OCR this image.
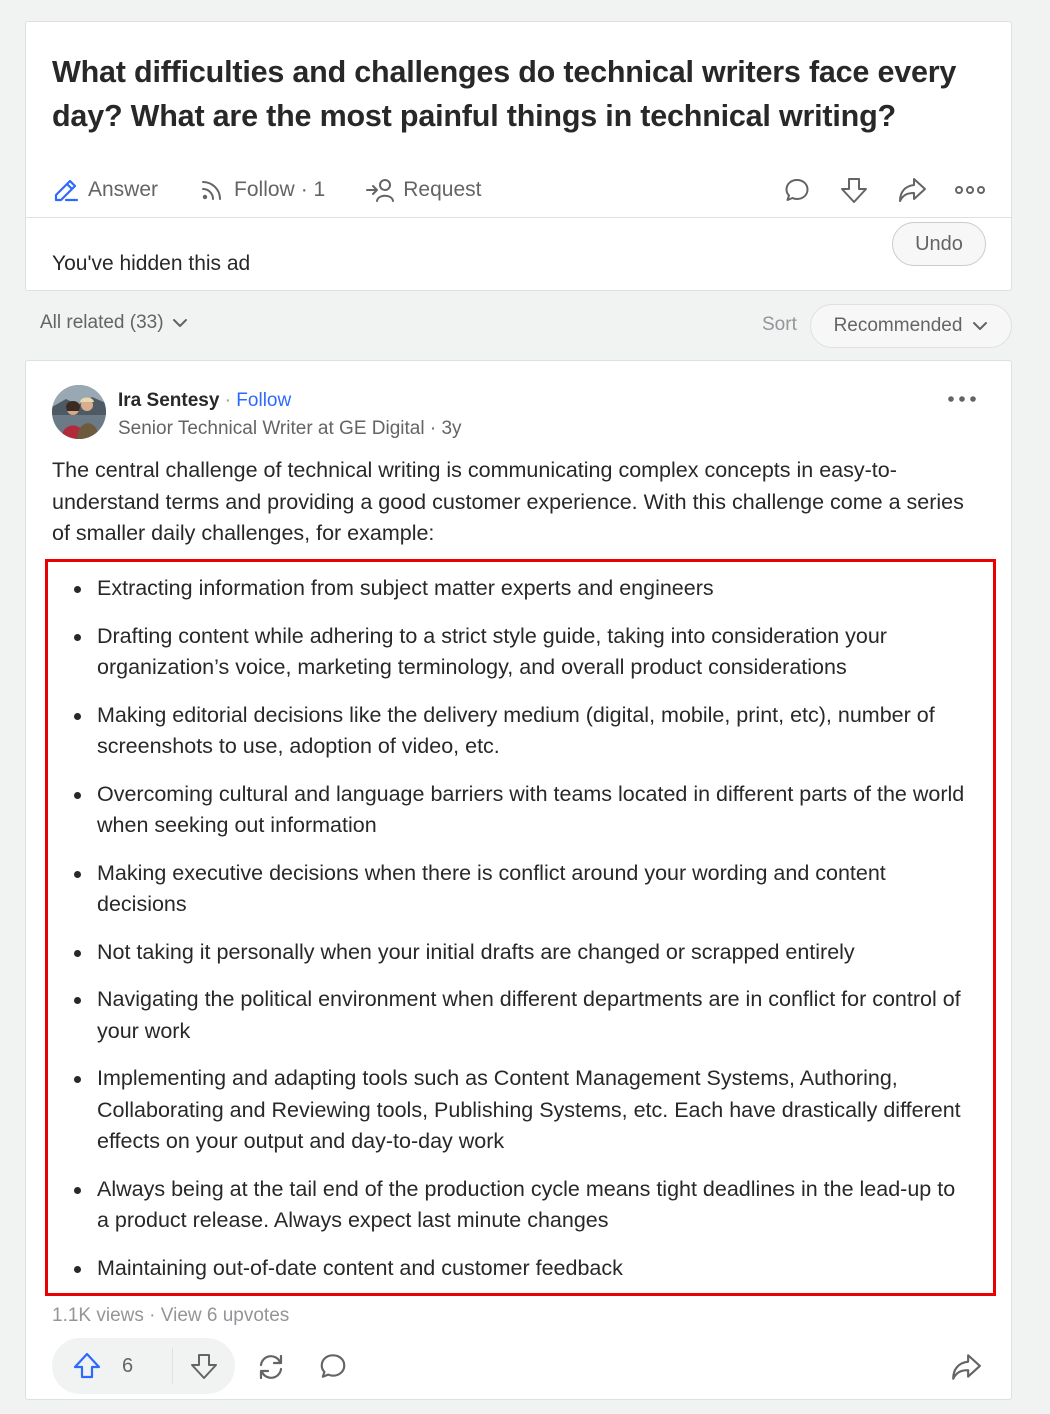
What difficulties and challenges do technical writers face every day? What are the most painful things in technical writing?
Answer	Follow · 1	Request
You've hidden this ad
Undo
All related (33)	Sort Recommended
Ira Sentesy · Follow
Senior Technical Writer at GE Digital · 3y
The central challenge of technical writing is communicating complex concepts in easy-to-understand terms and providing a good customer experience. With this challenge come a series of smaller daily challenges, for example:
Extracting information from subject matter experts and engineers
Drafting content while adhering to a strict style guide, taking into consideration your organization’s voice, marketing terminology, and overall product considerations
Making editorial decisions like the delivery medium (digital, mobile, print, etc), number of screenshots to use, adoption of video, etc.
Overcoming cultural and language barriers with teams located in different parts of the world when seeking out information
Making executive decisions when there is conflict around your wording and content decisions
Not taking it personally when your initial drafts are changed or scrapped entirely
Navigating the political environment when different departments are in conflict for control of your work
Implementing and adapting tools such as Content Management Systems, Authoring, Collaborating and Reviewing tools, Publishing Systems, etc. Each have drastically different effects on your output and day-to-day work
Always being at the tail end of the production cycle means tight deadlines in the lead-up to a product release. Always expect last minute changes
Maintaining out-of-date content and customer feedback
1.1K views · View 6 upvotes
6
